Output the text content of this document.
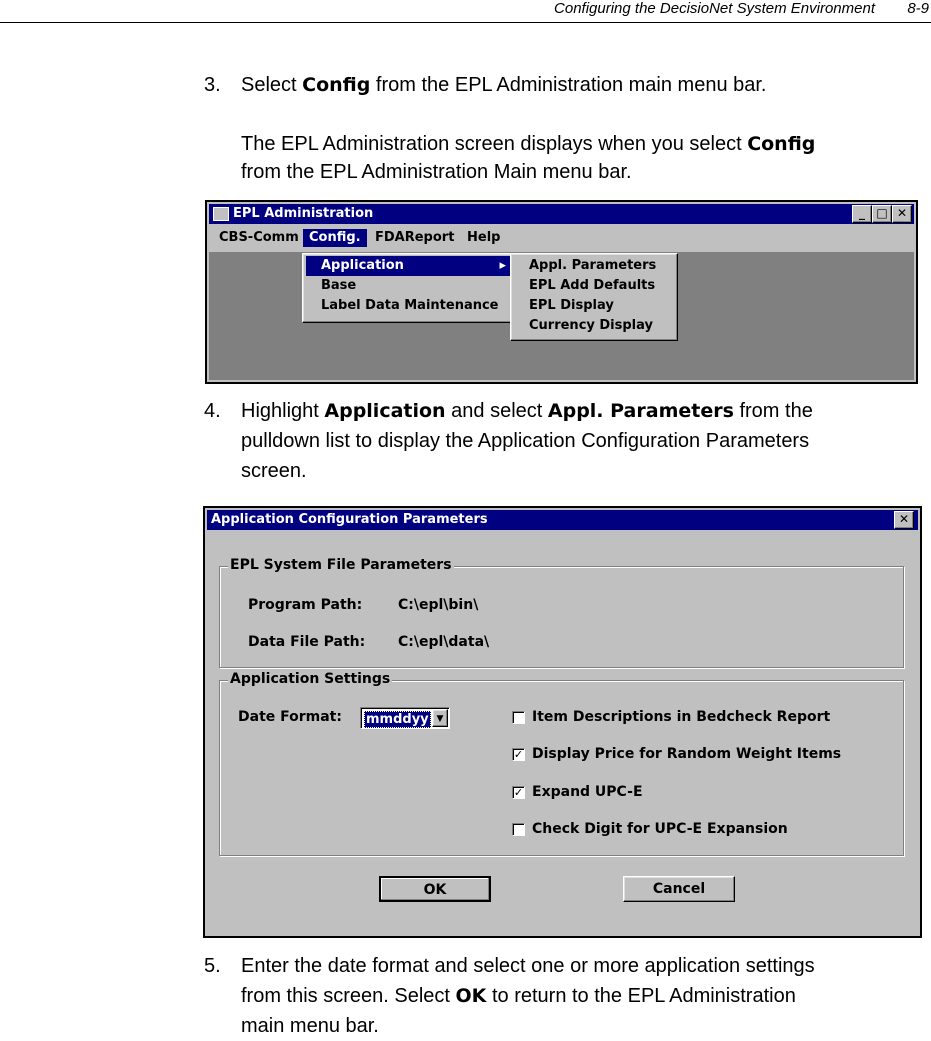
Configuring the DecisioNet System Environment 8-9
3. Select Config from the EPL Administration main menu bar.
The EPL Administration screen displays when you select Config
from the EPL Administration Main menu bar.
EPL Administration	_ □ ✕
CBS-Comm Config.	FDAReport Help
Application	▸
Base
Label Data Maintenance
Appl. Parameters
EPL Add Defaults
EPL Display
Currency Display
4. Highlight Application and select Appl. Parameters from the
pulldown list to display the Application Configuration Parameters
screen.
Application Configuration Parameters	✕
EPL System File Parameters
Program Path:	C:\epl\bin\
Data File Path: C:\epl\data\
Application Settings
Date Format: mmddyy ▼	Item Descriptions in Bedcheck Report
✓ Display Price for Random Weight Items
✓ Expand UPC-E
Check Digit for UPC-E Expansion
OK	Cancel
5. Enter the date format and select one or more application settings
from this screen. Select OK to return to the EPL Administration
main menu bar.
